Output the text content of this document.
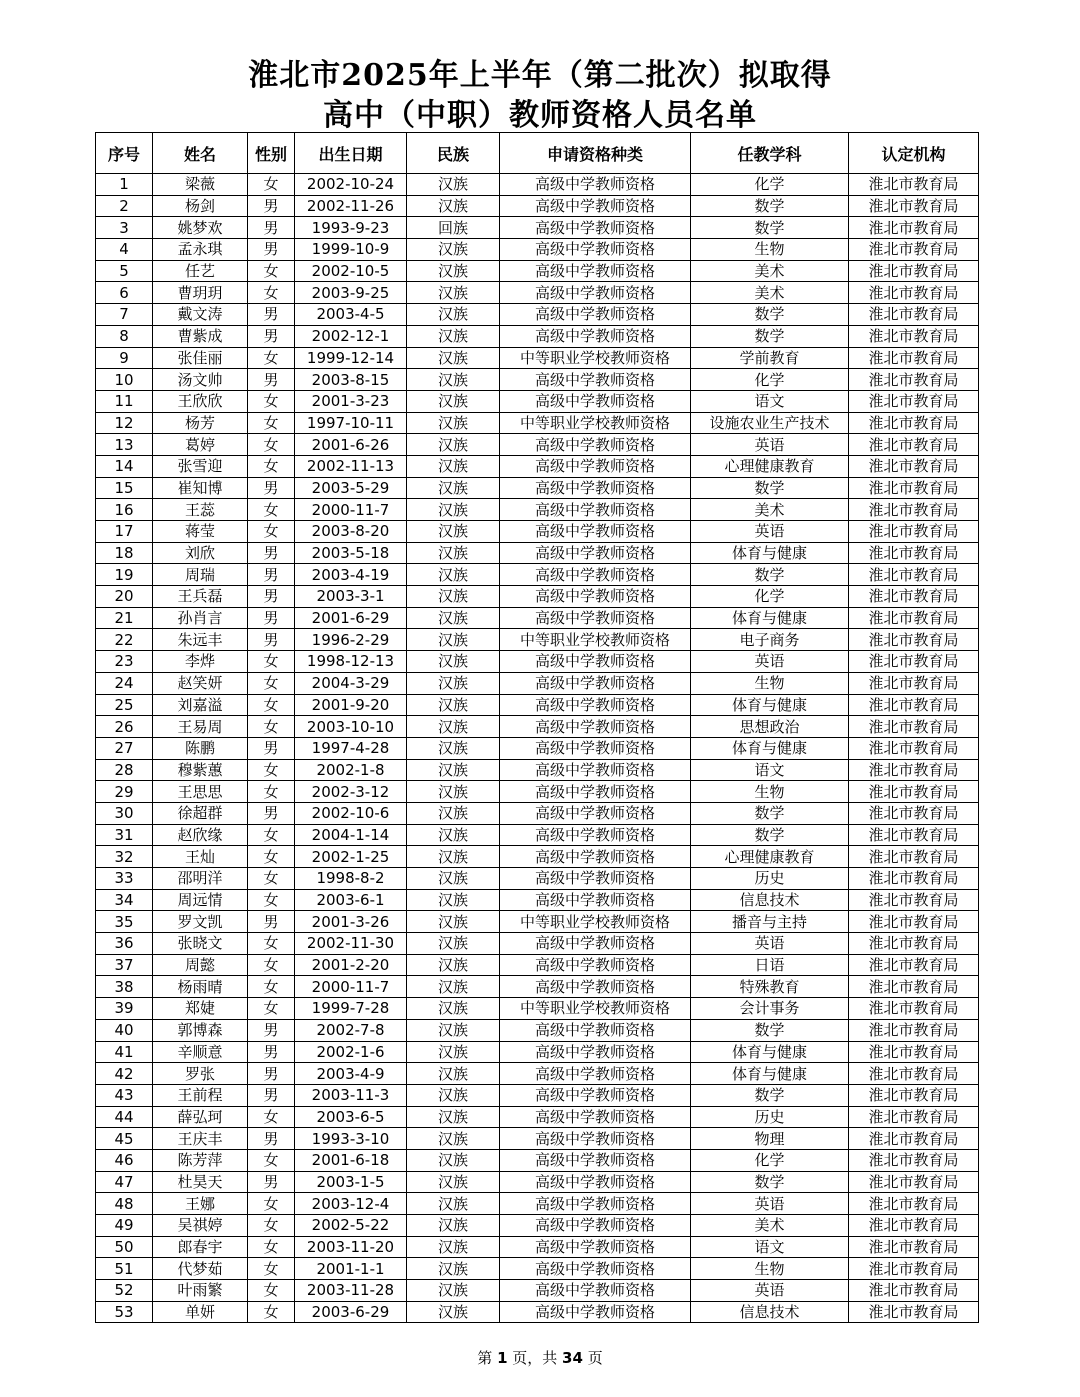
淮北市2025年上半年（第二批次）拟取得
高中（中职）教师资格人员名单
序号	姓名	性别	出生日期	民族	申请资格种类	任教学科	认定机构
1	梁薇	女	2002-10-24	汉族	高级中学教师资格	化学	淮北市教育局
2	杨剑	男	2002-11-26	汉族	高级中学教师资格	数学	淮北市教育局
3	姚梦欢	男	1993-9-23	回族	高级中学教师资格	数学	淮北市教育局
4	孟永琪	男	1999-10-9	汉族	高级中学教师资格	生物	淮北市教育局
5	任艺	女	2002-10-5	汉族	高级中学教师资格	美术	淮北市教育局
6	曹玥玥	女	2003-9-25	汉族	高级中学教师资格	美术	淮北市教育局
7	戴文涛	男	2003-4-5	汉族	高级中学教师资格	数学	淮北市教育局
8	曹紫成	男	2002-12-1	汉族	高级中学教师资格	数学	淮北市教育局
9	张佳丽	女	1999-12-14	汉族	中等职业学校教师资格	学前教育	淮北市教育局
10	汤文帅	男	2003-8-15	汉族	高级中学教师资格	化学	淮北市教育局
11	王欣欣	女	2001-3-23	汉族	高级中学教师资格	语文	淮北市教育局
12	杨芳	女	1997-10-11	汉族	中等职业学校教师资格	设施农业生产技术	淮北市教育局
13	葛婷	女	2001-6-26	汉族	高级中学教师资格	英语	淮北市教育局
14	张雪迎	女	2002-11-13	汉族	高级中学教师资格	心理健康教育	淮北市教育局
15	崔知博	男	2003-5-29	汉族	高级中学教师资格	数学	淮北市教育局
16	王蕊	女	2000-11-7	汉族	高级中学教师资格	美术	淮北市教育局
17	蒋莹	女	2003-8-20	汉族	高级中学教师资格	英语	淮北市教育局
18	刘欣	男	2003-5-18	汉族	高级中学教师资格	体育与健康	淮北市教育局
19	周瑞	男	2003-4-19	汉族	高级中学教师资格	数学	淮北市教育局
20	王兵磊	男	2003-3-1	汉族	高级中学教师资格	化学	淮北市教育局
21	孙肖言	男	2001-6-29	汉族	高级中学教师资格	体育与健康	淮北市教育局
22	朱远丰	男	1996-2-29	汉族	中等职业学校教师资格	电子商务	淮北市教育局
23	李烨	女	1998-12-13	汉族	高级中学教师资格	英语	淮北市教育局
24	赵笑妍	女	2004-3-29	汉族	高级中学教师资格	生物	淮北市教育局
25	刘嘉溢	女	2001-9-20	汉族	高级中学教师资格	体育与健康	淮北市教育局
26	王易周	女	2003-10-10	汉族	高级中学教师资格	思想政治	淮北市教育局
27	陈鹏	男	1997-4-28	汉族	高级中学教师资格	体育与健康	淮北市教育局
28	穆紫蕙	女	2002-1-8	汉族	高级中学教师资格	语文	淮北市教育局
29	王思思	女	2002-3-12	汉族	高级中学教师资格	生物	淮北市教育局
30	徐超群	男	2002-10-6	汉族	高级中学教师资格	数学	淮北市教育局
31	赵欣缘	女	2004-1-14	汉族	高级中学教师资格	数学	淮北市教育局
32	王灿	女	2002-1-25	汉族	高级中学教师资格	心理健康教育	淮北市教育局
33	邵明洋	女	1998-8-2	汉族	高级中学教师资格	历史	淮北市教育局
34	周远情	女	2003-6-1	汉族	高级中学教师资格	信息技术	淮北市教育局
35	罗文凯	男	2001-3-26	汉族	中等职业学校教师资格	播音与主持	淮北市教育局
36	张晓文	女	2002-11-30	汉族	高级中学教师资格	英语	淮北市教育局
37	周懿	女	2001-2-20	汉族	高级中学教师资格	日语	淮北市教育局
38	杨雨晴	女	2000-11-7	汉族	高级中学教师资格	特殊教育	淮北市教育局
39	郑婕	女	1999-7-28	汉族	中等职业学校教师资格	会计事务	淮北市教育局
40	郭博森	男	2002-7-8	汉族	高级中学教师资格	数学	淮北市教育局
41	辛顺意	男	2002-1-6	汉族	高级中学教师资格	体育与健康	淮北市教育局
42	罗张	男	2003-4-9	汉族	高级中学教师资格	体育与健康	淮北市教育局
43	王前程	男	2003-11-3	汉族	高级中学教师资格	数学	淮北市教育局
44	薛弘珂	女	2003-6-5	汉族	高级中学教师资格	历史	淮北市教育局
45	王庆丰	男	1993-3-10	汉族	高级中学教师资格	物理	淮北市教育局
46	陈芳萍	女	2001-6-18	汉族	高级中学教师资格	化学	淮北市教育局
47	杜昊天	男	2003-1-5	汉族	高级中学教师资格	数学	淮北市教育局
48	王娜	女	2003-12-4	汉族	高级中学教师资格	英语	淮北市教育局
49	吴祺婷	女	2002-5-22	汉族	高级中学教师资格	美术	淮北市教育局
50	郎春宇	女	2003-11-20	汉族	高级中学教师资格	语文	淮北市教育局
51	代梦茹	女	2001-1-1	汉族	高级中学教师资格	生物	淮北市教育局
52	叶雨繁	女	2003-11-28	汉族	高级中学教师资格	英语	淮北市教育局
53	单妍	女	2003-6-29	汉族	高级中学教师资格	信息技术	淮北市教育局
第 1 页，共 34 页
